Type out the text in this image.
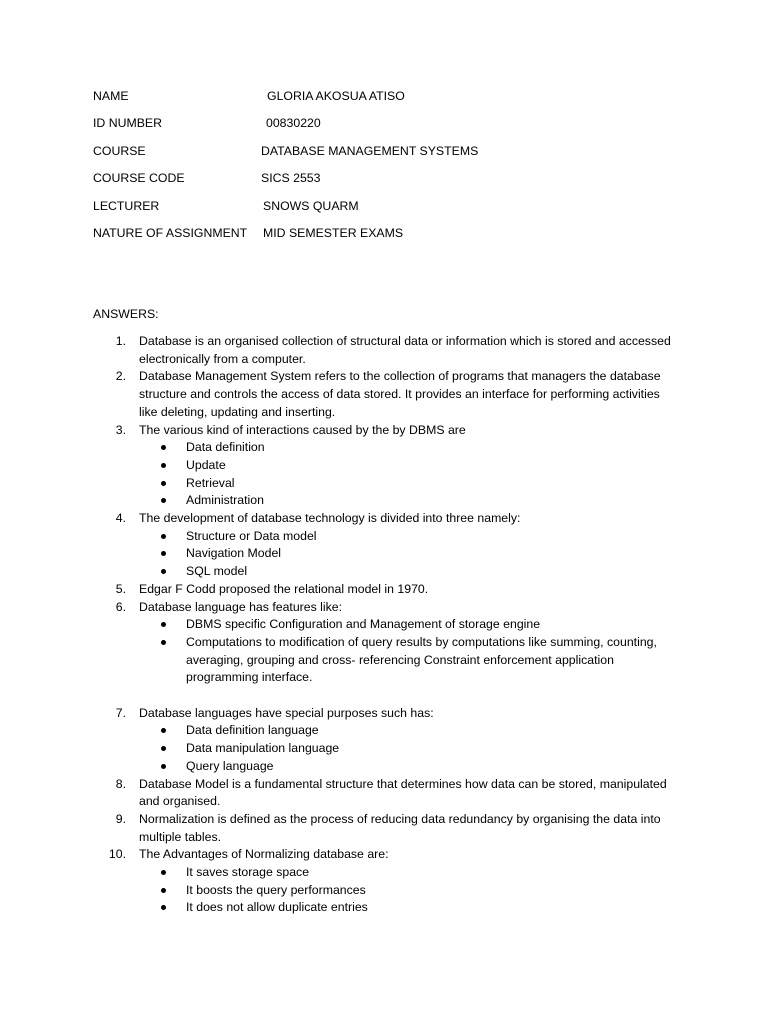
NAME	GLORIA AKOSUA ATISO
ID NUMBER	00830220
COURSE	DATABASE MANAGEMENT SYSTEMS
COURSE CODE	SICS 2553
LECTURER	SNOWS QUARM
NATURE OF ASSIGNMENT MID SEMESTER EXAMS
ANSWERS:
1. Database is an organised collection of structural data or information which is stored and accessed electronically from a computer.
2. Database Management System refers to the collection of programs that managers the database structure and controls the access of data stored. It provides an interface for performing activities like deleting, updating and inserting.
3. The various kind of interactions caused by the by DBMS are
Data definition
Update
Retrieval
Administration
4. The development of database technology is divided into three namely:
Structure or Data model
Navigation Model
SQL model
5. Edgar F Codd proposed the relational model in 1970.
6. Database language has features like:
DBMS specific Configuration and Management of storage engine
Computations to modification of query results by computations like summing, counting, averaging, grouping and cross- referencing Constraint enforcement application programming interface.
7. Database languages have special purposes such has:
Data definition language
Data manipulation language
Query language
8. Database Model is a fundamental structure that determines how data can be stored, manipulated and organised.
9. Normalization is defined as the process of reducing data redundancy by organising the data into multiple tables.
10. The Advantages of Normalizing database are:
It saves storage space
It boosts the query performances
It does not allow duplicate entries
